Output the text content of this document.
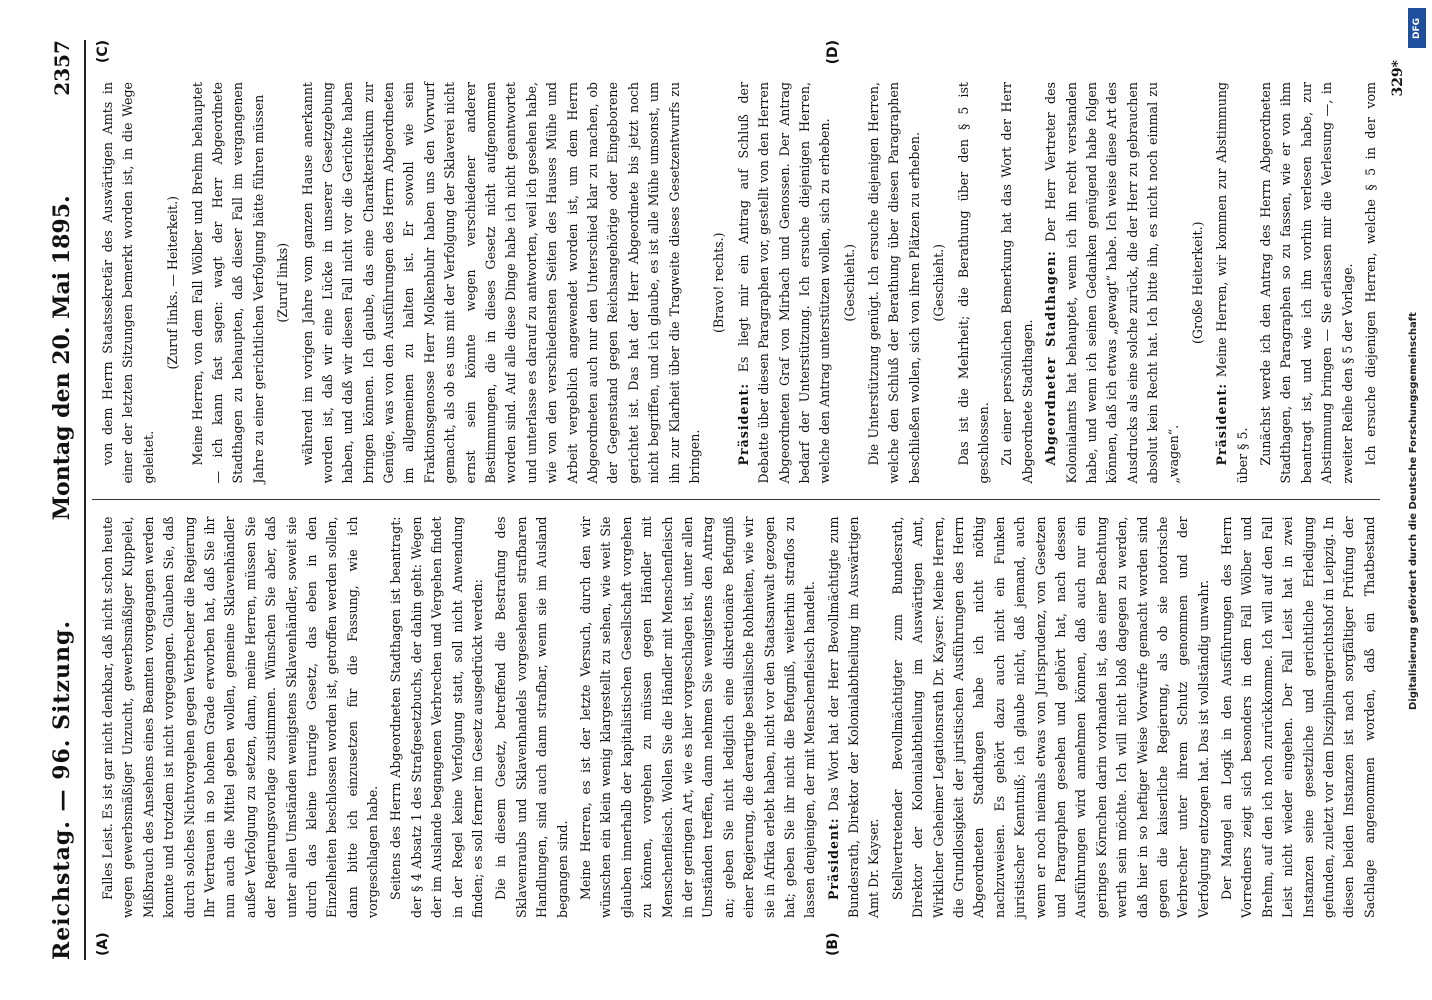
Reichstag. — 96. Sitzung.
Montag den 20. Mai 1895.
2357
(A)	(B)

Falles Leist. Es ist gar nicht denkbar, daß nicht schon heute wegen gewerbsmäßiger Unzucht, gewerbsmäßiger Kuppelei, Mißbrauch des Ansehens eines Beamten vorgegangen werden konnte und trotzdem ist nicht vorgegangen. Glauben Sie, daß durch solches Nichtvorgehen gegen Verbrecher die Regierung Ihr Vertrauen in so hohem Grade erworben hat, daß Sie ihr nun auch die Mittel geben wollen, gemeine Sklavenhändler außer Verfolgung zu setzen, dann, meine Herren, müssen Sie der Regierungsvorlage zustimmen. Wünschen Sie aber, daß unter allen Umständen wenigstens Sklavenhändler, soweit sie durch das kleine traurige Gesetz, das eben in den Einzelheiten beschlossen worden ist, getroffen werden sollen, dann bitte ich einzusetzen für die Fassung, wie ich vorgeschlagen habe. Seitens des Herrn Abgeordneten Stadthagen ist beantragt: der § 4 Absatz 1 des Strafgesetzbuchs, der dahin geht: Wegen der im Auslande begangenen Verbrechen und Vergehen findet in der Regel keine Verfolgung statt, soll nicht Anwendung finden; es soll ferner im Gesetz ausgedrückt werden: Die in diesem Gesetz, betreffend die Bestrafung des Sklavenraubs und Sklavenhandels vorgesehenen strafbaren Handlungen, sind auch dann strafbar, wenn sie im Ausland begangen sind. Meine Herren, es ist der letzte Versuch, durch den wir wünschen ein klein wenig klargestellt zu sehen, wie weit Sie glauben innerhalb der kapitalistischen Gesellschaft vorgehen zu können, vorgehen zu müssen gegen Händler mit Menschenfleisch. Wollen Sie die Händler mit Menschenfleisch in der geringen Art, wie es hier vorgeschlagen ist, unter allen Umständen treffen, dann nehmen Sie wenigstens den Antrag an; geben Sie nicht lediglich eine diskretionäre Befugniß einer Regierung, die derartige bestialische Rohheiten, wie wir sie in Afrika erlebt haben, nicht vor den Staatsanwalt gezogen hat; geben Sie ihr nicht die Befugniß, weiterhin straflos zu lassen denjenigen, der mit Menschenfleisch handelt. Präsident: Das Wort hat der Herr Bevollmächtigte zum Bundesrath, Direktor der Kolonialabtheilung im Auswärtigen Amt Dr. Kayser. Stellvertretender Bevollmächtigter zum Bundesrath, Direktor der Kolonialabtheilung im Auswärtigen Amt, Wirklicher Geheimer Legationsrath Dr. Kayser: Meine Herren, die Grundlosigkeit der juristischen Ausführungen des Herrn Abgeordneten Stadthagen habe ich nicht nöthig nachzuweisen. Es gehört dazu auch nicht ein Funken juristischer Kenntniß; ich glaube nicht, daß jemand, auch wenn er noch niemals etwas von Jurisprudenz, von Gesetzen und Paragraphen gesehen und gehört hat, nach dessen Ausführungen wird annehmen können, daß auch nur ein geringes Körnchen darin vorhanden ist, das einer Beachtung werth sein möchte. Ich will nicht bloß dagegen zu werden, daß hier in so heftiger Weise Vorwürfe gemacht worden sind gegen die kaiserliche Regierung, als ob sie notorische Verbrecher unter ihrem Schutz genommen und der Verfolgung entzogen hat. Das ist vollständig unwahr. Der Mangel an Logik in den Ausführungen des Herrn Vorredners zeigt sich besonders in dem Fall Wölber und Brehm, auf den ich noch zurückkomme. Ich will auf den Fall Leist nicht wieder eingehen. Der Fall Leist hat in zwei Instanzen seine gesetzliche und gerichtliche Erledigung gefunden, zuletzt vor dem Disziplinargerichtshof in Leipzig. In diesen beiden Instanzen ist nach sorgfältiger Prüfung der Sachlage angenommen worden, daß ein Thatbestand

(C)	(D)

von dem Herrn Staatssekretär des Auswärtigen Amts in einer der letzten Sitzungen bemerkt worden ist, in die Wege geleitet.

(Zuruf links. — Heiterkeit.) Meine Herren, von dem Fall Wölber und Brehm behauptet — ich kann fast sagen: wagt der Herr Abgeordnete Stadthagen zu behaupten, daß dieser Fall im vergangenen Jahre zu einer gerichtlichen Verfolgung hätte führen müssen (Zuruf links) während im vorigen Jahre vom ganzen Hause anerkannt worden ist, daß wir eine Lücke in unserer Gesetzgebung haben, und daß wir diesen Fall nicht vor die Gerichte haben bringen können. Ich glaube, das eine Charakteristikum zur Genüge, was von den Ausführungen des Herrn Abgeordneten im allgemeinen zu halten ist. Er sowohl wie sein Fraktionsgenosse Herr Molkenbuhr haben uns den Vorwurf gemacht, als ob es uns mit der Verfolgung der Sklaverei nicht ernst sein könnte wegen verschiedener anderer Bestimmungen, die in dieses Gesetz nicht aufgenommen worden sind. Auf alle diese Dinge habe ich nicht geantwortet und unterlasse es darauf zu antworten, weil ich gesehen habe, wie von den verschiedensten Seiten des Hauses Mühe und Arbeit vergeblich angewendet worden ist, um dem Herrn Abgeordneten auch nur den Unterschied klar zu machen, ob der Gegenstand gegen Reichsangehörige oder Eingeborene gerichtet ist. Das hat der Herr Abgeordnete bis jetzt noch nicht begriffen, und ich glaube, es ist alle Mühe umsonst, um ihn zur Klarheit über die Tragweite dieses Gesetzentwurfs zu bringen.

(Bravo! rechts.)

Präsident: Es liegt mir ein Antrag auf Schluß der Debatte über diesen Paragraphen vor, gestellt von den Herren Abgeordneten Graf von Mirbach und Genossen. Der Antrag bedarf der Unterstützung. Ich ersuche diejenigen Herren, welche den Antrag unterstützen wollen, sich zu erheben. (Geschieht.) Die Unterstützung genügt. Ich ersuche diejenigen Herren, welche den Schluß der Berathung über diesen Paragraphen beschließen wollen, sich von ihren Plätzen zu erheben. (Geschieht.) Das ist die Mehrheit; die Berathung über den § 5 ist geschlossen. Zu einer persönlichen Bemerkung hat das Wort der Herr Abgeordnete Stadthagen. Abgeordneter Stadthagen: Der Herr Vertreter des Kolonialamts hat behauptet, wenn ich ihn recht verstanden habe, und wenn ich seinen Gedanken genügend habe folgen können, daß ich etwas „gewagt“ habe. Ich weise diese Art des Ausdrucks als eine solche zurück, die der Herr zu gebrauchen absolut kein Recht hat. Ich bitte ihn, es nicht noch einmal zu „wagen“.

(Große Heiterkeit.)

Präsident: Meine Herren, wir kommen zur Abstimmung über § 5. Zunächst werde ich den Antrag des Herrn Abgeordneten Stadthagen, den Paragraphen so zu fassen, wie er von ihm beantragt ist, und wie ich ihn vorhin verlesen habe, zur Abstimmung bringen — Sie erlassen mir die Verlesung —, in zweiter Reihe den § 5 der Vorlage. Ich ersuche diejenigen Herren, welche § 5 in der vom 329*
Digitalisierung gefördert durch die Deutsche Forschungsgemeinschaft
DFG
